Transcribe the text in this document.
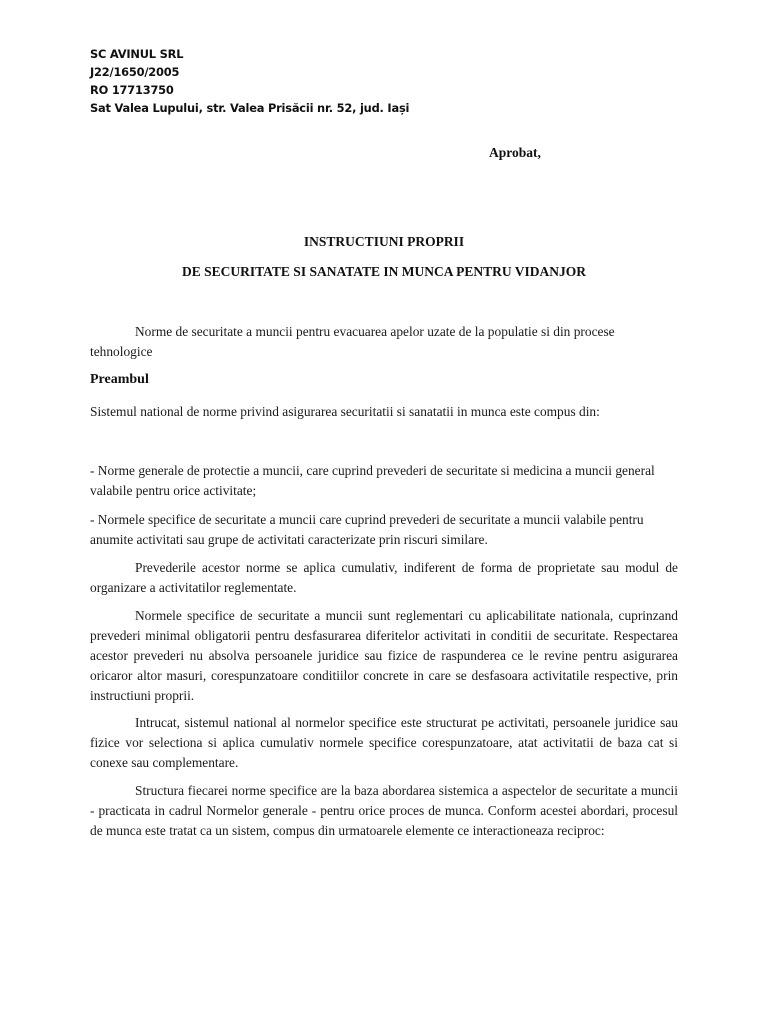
SC AVINUL SRL
J22/1650/2005
RO 17713750
Sat Valea Lupului, str. Valea Prisăcii nr. 52, jud. Iași
Aprobat,
INSTRUCTIUNI PROPRII
DE SECURITATE SI SANATATE IN MUNCA PENTRU VIDANJOR

Norme de securitate a muncii pentru evacuarea apelor uzate de la populatie si din procese tehnologice

Preambul

Sistemul national de norme privind asigurarea securitatii si sanatatii in munca este compus din:

- Norme generale de protectie a muncii, care cuprind prevederi de securitate si medicina a muncii general valabile pentru orice activitate;

- Normele specifice de securitate a muncii care cuprind prevederi de securitate a muncii valabile pentru anumite activitati sau grupe de activitati caracterizate prin riscuri similare.

Prevederile acestor norme se aplica cumulativ, indiferent de forma de proprietate sau modul de organizare a activitatilor reglementate.

Normele specifice de securitate a muncii sunt reglementari cu aplicabilitate nationala, cuprinzand prevederi minimal obligatorii pentru desfasurarea diferitelor activitati in conditii de securitate. Respectarea acestor prevederi nu absolva persoanele juridice sau fizice de raspunderea ce le revine pentru asigurarea oricaror altor masuri, corespunzatoare conditiilor concrete in care se desfasoara activitatile respective, prin instructiuni proprii.

Intrucat, sistemul national al normelor specifice este structurat pe activitati, persoanele juridice sau fizice vor selectiona si aplica cumulativ normele specifice corespunzatoare, atat activitatii de baza cat si conexe sau complementare.

Structura fiecarei norme specifice are la baza abordarea sistemica a aspectelor de securitate a muncii - practicata in cadrul Normelor generale - pentru orice proces de munca. Conform acestei abordari, procesul de munca este tratat ca un sistem, compus din urmatoarele elemente ce interactioneaza reciproc:
